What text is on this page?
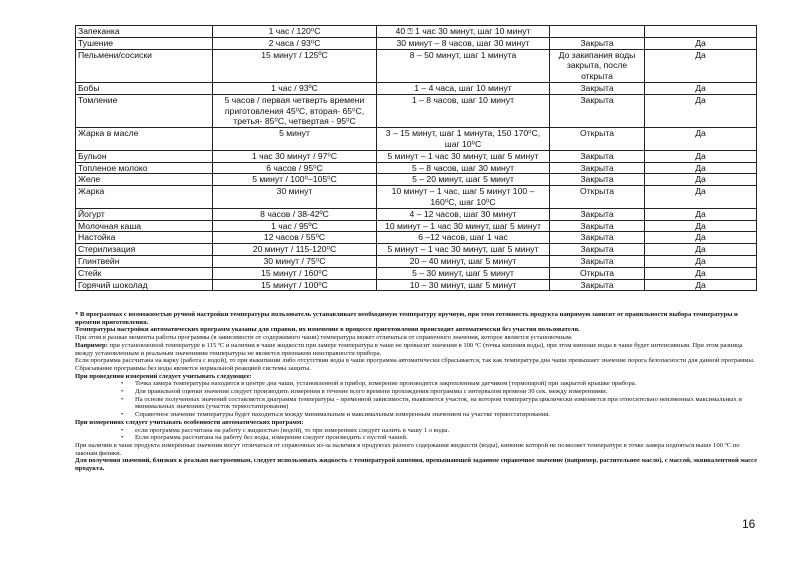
Запеканка	1 час / 120⁰С	40 ⍰ 1 час 30 минут, шаг 10 минут		
Тушение	2 часа / 93⁰С	30 минут – 8 часов, шаг 30 минут	Закрыта	Да
Пельмени/сосиски	15 минут / 125ºС	8 – 50 минут, шаг 1 минута	До закипания воды закрыта, после открыта	Да
Бобы	1 час / 93ºС	1 – 4 часа, шаг 10 минут	Закрыта	Да
Томление	5 часов / первая четверть времени приготовления 45⁰С, вторая- 65⁰С, третья- 85⁰С, четвертая - 95⁰С	1 – 8 часов, шаг 10 минут	Закрыта	Да
Жарка в масле	5 минут	3 – 15 минут, шаг 1 минута, 150 170⁰С, шаг 10⁰С	Открыта	Да
Бульон	1 час 30 минут / 97⁰С	5 минут – 1 час 30 минут, шаг 5 минут	Закрыта	Да
Топленое молоко	6 часов / 95⁰С	5 – 8 часов, шаг 30 минут	Закрыта	Да
Желе	5 минут / 100⁰–105⁰С	5 – 20 минут, шаг 5 минут	Закрыта	Да
Жарка	30 минут	10 минут – 1 час, шаг 5 минут 100 – 160⁰С, шаг 10⁰С	Открыта	Да
Йогурт	8 часов / 38-42ºС	4 – 12 часов, шаг 30 минут	Закрыта	Да
Молочная каша	1 час / 95ºС	10 минут – 1 час 30 минут, шаг 5 минут	Закрыта	Да
Настойка	12 часов / 55⁰С	6 –12 часов, шаг 1 час	Закрыта	Да
Стерилизация	20 минут / 115-120⁰С	5 минут – 1 час 30 минут, шаг 5 минут	Закрыта	Да
Глинтвейн	30 минут / 75⁰С	20 – 40 минут, шаг 5 минут	Закрыта	Да
Стейк	15 минут / 160⁰С	5 – 30 минут, шаг 5 минут	Открыта	Да
Горячий шоколад	15 минут / 100⁰С	10 – 30 минут, шаг 5 минут	Закрыта	Да

* В программах с возможностью ручной настройки температуры пользователь устанавливает необходимую температуру вручную, при этом готовность продукта напрямую зависит от правильности выбора температуры и времени приготовления.

Температуры настройки автоматических программ указаны для справки, их изменение в процессе приготовления происходит автоматически без участия пользователя.

При этом в разные моменты работы программы (в зависимости от содержимого чаши) температура может отличаться от справочного значения, которое является установочным.

Например: при установленной температуре в 115 ºС и наличии в чаше жидкости при замере температура в чаше не превысит значения в 100 ºС (точка кипения воды), при этом кипение воды в чаше будет интенсивным. При этом разница между установленным и реальным значениями температуры не является признаком неисправности прибора.

Если программа рассчитана на варку (работа с водой), то при выкипании либо отсутствии воды в чаше программа автоматически сбрасывается, так как температура дна чаши превышает значение порога безопасности для данной программы. Сбрасывание программы без воды является нормальной реакцией системы защиты.

При проведении измерений следует учитывать следующее:

• Точка замера температуры находится в центре дна чаши, установленной в прибор, измерение производится закрепленным датчиком (термопарой) при закрытой крышке прибора.

• Для правильной оценки значения следует производить измерения в течение всего времени прохождения программы с интервалом времени 30 сек. между измерениями.

• На основе полученных значений составляется диаграмма температуры – временной зависимости, выявляется участок, на котором температура циклически изменяется при относительно неизменных максимальных и минимальных значениях (участок термостатирования)

• Справочное значение температуры будет находиться между минимальным и максимальным измеренным значением на участке термостатирования.

При измерениях следует учитывать особенности автоматических программ:

• если программа рассчитана на работу с жидкостью (водой), то при измерениях следует налить в чашу 1 л воды.

• Если программа рассчитана на работу без воды, измерения следует производить с пустой чашей.

При наличии в чаше продукта измеренные значения могут отличаться от справочных из-за наличия в продуктах разного содержания жидкости (воды), кипение которой не позволяет температуре в точке замера подняться выше 100 ºС по законам физики.

Для получения значений, близких к реально настроенным, следует использовать жидкость с температурой кипения, превышающей заданное справочное значение (например, растительное масло), с массой, эквивалентной массе продукта.

16
